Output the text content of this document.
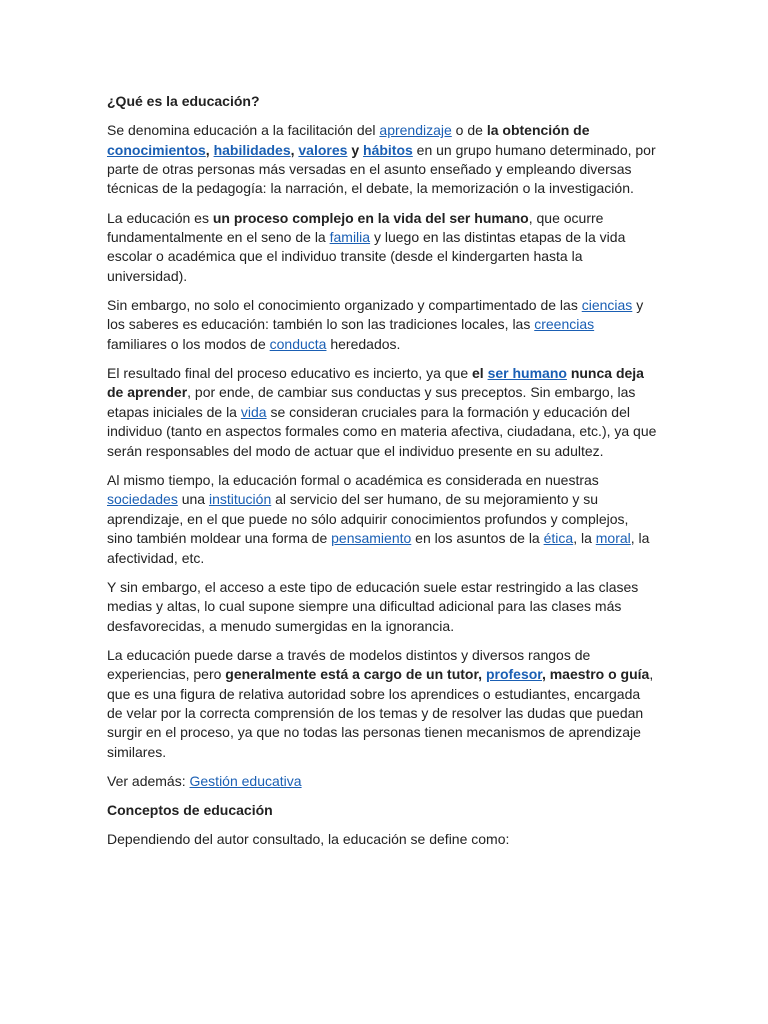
¿Qué es la educación?

Se denomina educación a la facilitación del aprendizaje o de la obtención de conocimientos, habilidades, valores y hábitos en un grupo humano determinado, por parte de otras personas más versadas en el asunto enseñado y empleando diversas técnicas de la pedagogía: la narración, el debate, la memorización o la investigación.

La educación es un proceso complejo en la vida del ser humano, que ocurre fundamentalmente en el seno de la familia y luego en las distintas etapas de la vida escolar o académica que el individuo transite (desde el kindergarten hasta la universidad).

Sin embargo, no solo el conocimiento organizado y compartimentado de las ciencias y los saberes es educación: también lo son las tradiciones locales, las creencias familiares o los modos de conducta heredados.

El resultado final del proceso educativo es incierto, ya que el ser humano nunca deja de aprender, por ende, de cambiar sus conductas y sus preceptos. Sin embargo, las etapas iniciales de la vida se consideran cruciales para la formación y educación del individuo (tanto en aspectos formales como en materia afectiva, ciudadana, etc.), ya que serán responsables del modo de actuar que el individuo presente en su adultez.

Al mismo tiempo, la educación formal o académica es considerada en nuestras sociedades una institución al servicio del ser humano, de su mejoramiento y su aprendizaje, en el que puede no sólo adquirir conocimientos profundos y complejos, sino también moldear una forma de pensamiento en los asuntos de la ética, la moral, la afectividad, etc.

Y sin embargo, el acceso a este tipo de educación suele estar restringido a las clases medias y altas, lo cual supone siempre una dificultad adicional para las clases más desfavorecidas, a menudo sumergidas en la ignorancia.

La educación puede darse a través de modelos distintos y diversos rangos de experiencias, pero generalmente está a cargo de un tutor, profesor, maestro o guía, que es una figura de relativa autoridad sobre los aprendices o estudiantes, encargada de velar por la correcta comprensión de los temas y de resolver las dudas que puedan surgir en el proceso, ya que no todas las personas tienen mecanismos de aprendizaje similares.

Ver además: Gestión educativa

Conceptos de educación

Dependiendo del autor consultado, la educación se define como:
